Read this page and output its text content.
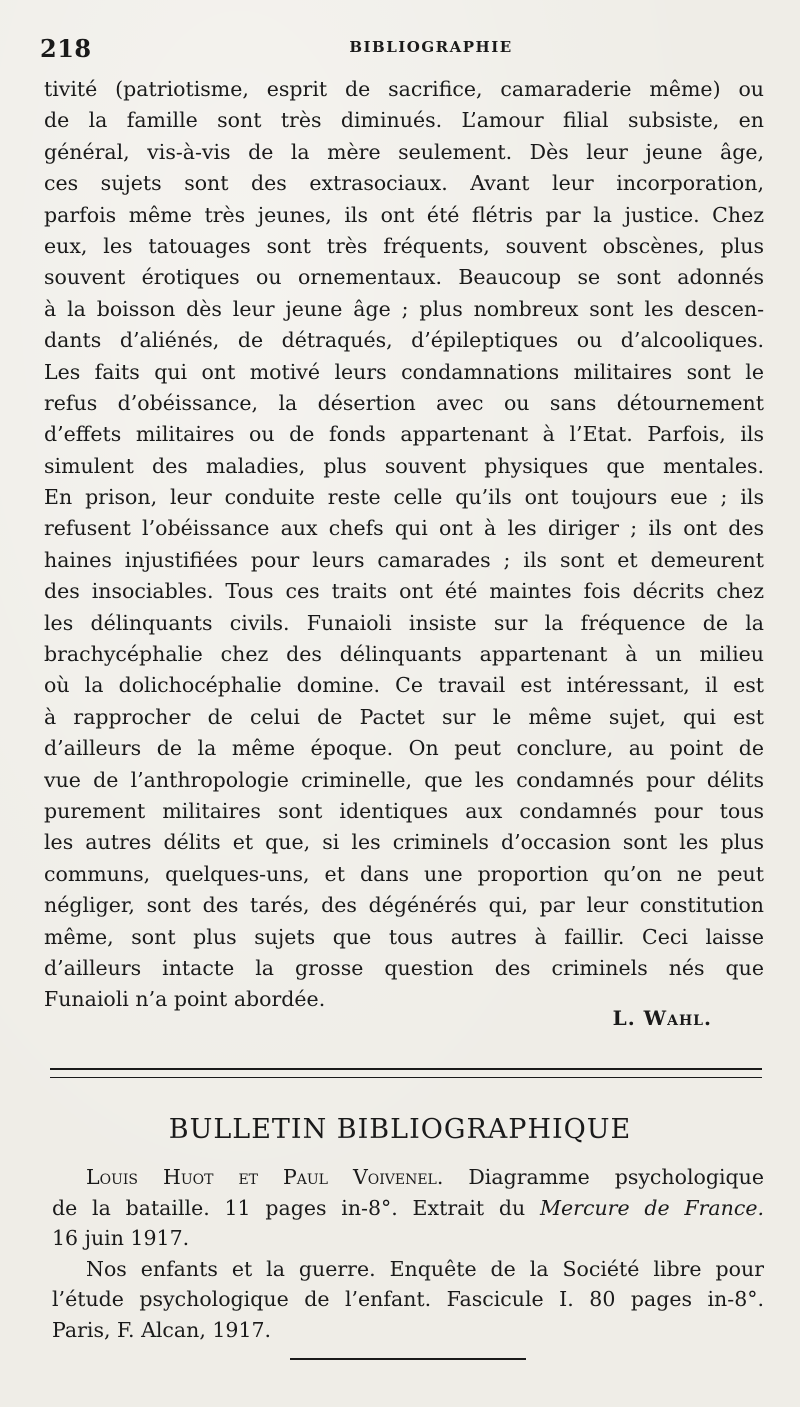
218	BIBLIOGRAPHIE
tivité (patriotisme, esprit de sacrifice, camaraderie même) ou
de la famille sont très diminués. L’amour filial subsiste, en
général, vis-à-vis de la mère seulement. Dès leur jeune âge,
ces sujets sont des extrasociaux. Avant leur incorporation,
parfois même très jeunes, ils ont été flétris par la justice. Chez
eux, les tatouages sont très fréquents, souvent obscènes, plus
souvent érotiques ou ornementaux. Beaucoup se sont adonnés
à la boisson dès leur jeune âge ; plus nombreux sont les descen-
dants d’aliénés, de détraqués, d’épileptiques ou d’alcooliques.
Les faits qui ont motivé leurs condamnations militaires sont le
refus d’obéissance, la désertion avec ou sans détournement
d’effets militaires ou de fonds appartenant à l’Etat. Parfois, ils
simulent des maladies, plus souvent physiques que mentales.
En prison, leur conduite reste celle qu’ils ont toujours eue ; ils
refusent l’obéissance aux chefs qui ont à les diriger ; ils ont des
haines injustifiées pour leurs camarades ; ils sont et demeurent
des insociables. Tous ces traits ont été maintes fois décrits chez
les délinquants civils. Funaioli insiste sur la fréquence de la
brachycéphalie chez des délinquants appartenant à un milieu
où la dolichocéphalie domine. Ce travail est intéressant, il est
à rapprocher de celui de Pactet sur le même sujet, qui est
d’ailleurs de la même époque. On peut conclure, au point de
vue de l’anthropologie criminelle, que les condamnés pour délits
purement militaires sont identiques aux condamnés pour tous
les autres délits et que, si les criminels d’occasion sont les plus
communs, quelques-uns, et dans une proportion qu’on ne peut
négliger, sont des tarés, des dégénérés qui, par leur constitution
même, sont plus sujets que tous autres à faillir. Ceci laisse
d’ailleurs intacte la grosse question des criminels nés que
Funaioli n’a point abordée.
L. Wahl.
BULLETIN BIBLIOGRAPHIQUE
Louis Huot et Paul Voivenel. Diagramme psychologique
de la bataille. 11 pages in-8°. Extrait du Mercure de France.
16 juin 1917.
Nos enfants et la guerre. Enquête de la Société libre pour
l’étude psychologique de l’enfant. Fascicule I. 80 pages in-8°.
Paris, F. Alcan, 1917.
